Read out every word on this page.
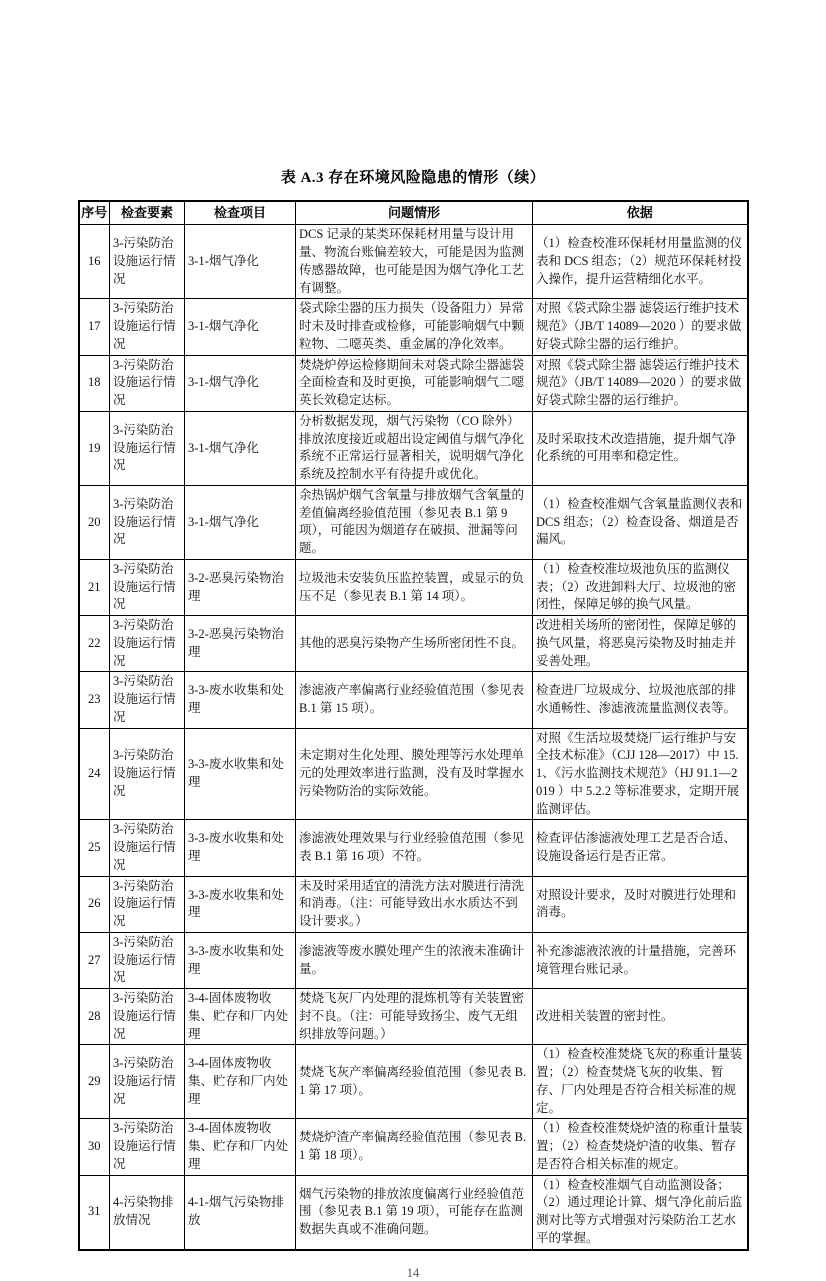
表 A.3 存在环境风险隐患的情形（续）

序号	检查要素	检查项目	问题情形	依据
16	3-污染防治设施运行情况	3-1-烟气净化	DCS 记录的某类环保耗材用量与设计用量、物流台账偏差较大，可能是因为监测传感器故障，也可能是因为烟气净化工艺有调整。	（1）检查校准环保耗材用量监测的仪表和 DCS 组态；（2）规范环保耗材投入操作，提升运营精细化水平。
17	3-污染防治设施运行情况	3-1-烟气净化	袋式除尘器的压力损失（设备阻力）异常时未及时排查或检修，可能影响烟气中颗粒物、二噁英类、重金属的净化效率。	对照《袋式除尘器 滤袋运行维护技术规范》（JB/T 14089—2020 ）的要求做好袋式除尘器的运行维护。
18	3-污染防治设施运行情况	3-1-烟气净化	焚烧炉停运检修期间未对袋式除尘器滤袋全面检查和及时更换，可能影响烟气二噁英长效稳定达标。	对照《袋式除尘器 滤袋运行维护技术规范》（JB/T 14089—2020 ）的要求做好袋式除尘器的运行维护。
19	3-污染防治设施运行情况	3-1-烟气净化	分析数据发现，烟气污染物（CO 除外）排放浓度接近或超出设定阈值与烟气净化系统不正常运行显著相关，说明烟气净化系统及控制水平有待提升或优化。	及时采取技术改造措施，提升烟气净化系统的可用率和稳定性。
20	3-污染防治设施运行情况	3-1-烟气净化	余热锅炉烟气含氧量与排放烟气含氧量的差值偏离经验值范围（参见表 B.1 第 9 项），可能因为烟道存在破损、泄漏等问题。	（1）检查校准烟气含氧量监测仪表和 DCS 组态；（2）检查设备、烟道是否漏风。
21	3-污染防治设施运行情况	3-2-恶臭污染物治理	垃圾池未安装负压监控装置，或显示的负压不足（参见表 B.1 第 14 项）。	（1）检查校准垃圾池负压的监测仪表；（2）改进卸料大厅、垃圾池的密闭性，保障足够的换气风量。
22	3-污染防治设施运行情况	3-2-恶臭污染物治理	其他的恶臭污染物产生场所密闭性不良。	改进相关场所的密闭性，保障足够的换气风量，将恶臭污染物及时抽走并妥善处理。
23	3-污染防治设施运行情况	3-3-废水收集和处理	渗滤液产率偏离行业经验值范围（参见表 B.1 第 15 项）。	检查进厂垃圾成分、垃圾池底部的排水通畅性、渗滤液流量监测仪表等。
24	3-污染防治设施运行情况	3-3-废水收集和处理	未定期对生化处理、膜处理等污水处理单元的处理效率进行监测，没有及时掌握水污染物防治的实际效能。	对照《生活垃圾焚烧厂运行维护与安全技术标准》（CJJ 128—2017）中 15.1、《污水监测技术规范》（HJ 91.1—2019 ）中 5.2.2 等标准要求，定期开展监测评估。
25	3-污染防治设施运行情况	3-3-废水收集和处理	渗滤液处理效果与行业经验值范围（参见表 B.1 第 16 项）不符。	检查评估渗滤液处理工艺是否合适、设施设备运行是否正常。
26	3-污染防治设施运行情况	3-3-废水收集和处理	未及时采用适宜的清洗方法对膜进行清洗和消毒。（注：可能导致出水水质达不到设计要求。）	对照设计要求，及时对膜进行处理和消毒。
27	3-污染防治设施运行情况	3-3-废水收集和处理	渗滤液等废水膜处理产生的浓液未准确计量。	补充渗滤液浓液的计量措施，完善环境管理台账记录。
28	3-污染防治设施运行情况	3-4-固体废物收集、贮存和厂内处理	焚烧飞灰厂内处理的混炼机等有关装置密封不良。（注：可能导致扬尘、废气无组织排放等问题。）	改进相关装置的密封性。
29	3-污染防治设施运行情况	3-4-固体废物收集、贮存和厂内处理	焚烧飞灰产率偏离经验值范围（参见表 B.1 第 17 项）。	（1）检查校准焚烧飞灰的称重计量装置；（2）检查焚烧飞灰的收集、暂存、厂内处理是否符合相关标准的规定。
30	3-污染防治设施运行情况	3-4-固体废物收集、贮存和厂内处理	焚烧炉渣产率偏离经验值范围（参见表 B.1 第 18 项）。	（1）检查校准焚烧炉渣的称重计量装置；（2）检查焚烧炉渣的收集、暂存是否符合相关标准的规定。
31	4-污染物排放情况	4-1-烟气污染物排放	烟气污染物的排放浓度偏离行业经验值范围（参见表 B.1 第 19 项），可能存在监测数据失真或不准确问题。	（1）检查校准烟气自动监测设备；（2）通过理论计算、烟气净化前后监测对比等方式增强对污染防治工艺水平的掌握。

14
